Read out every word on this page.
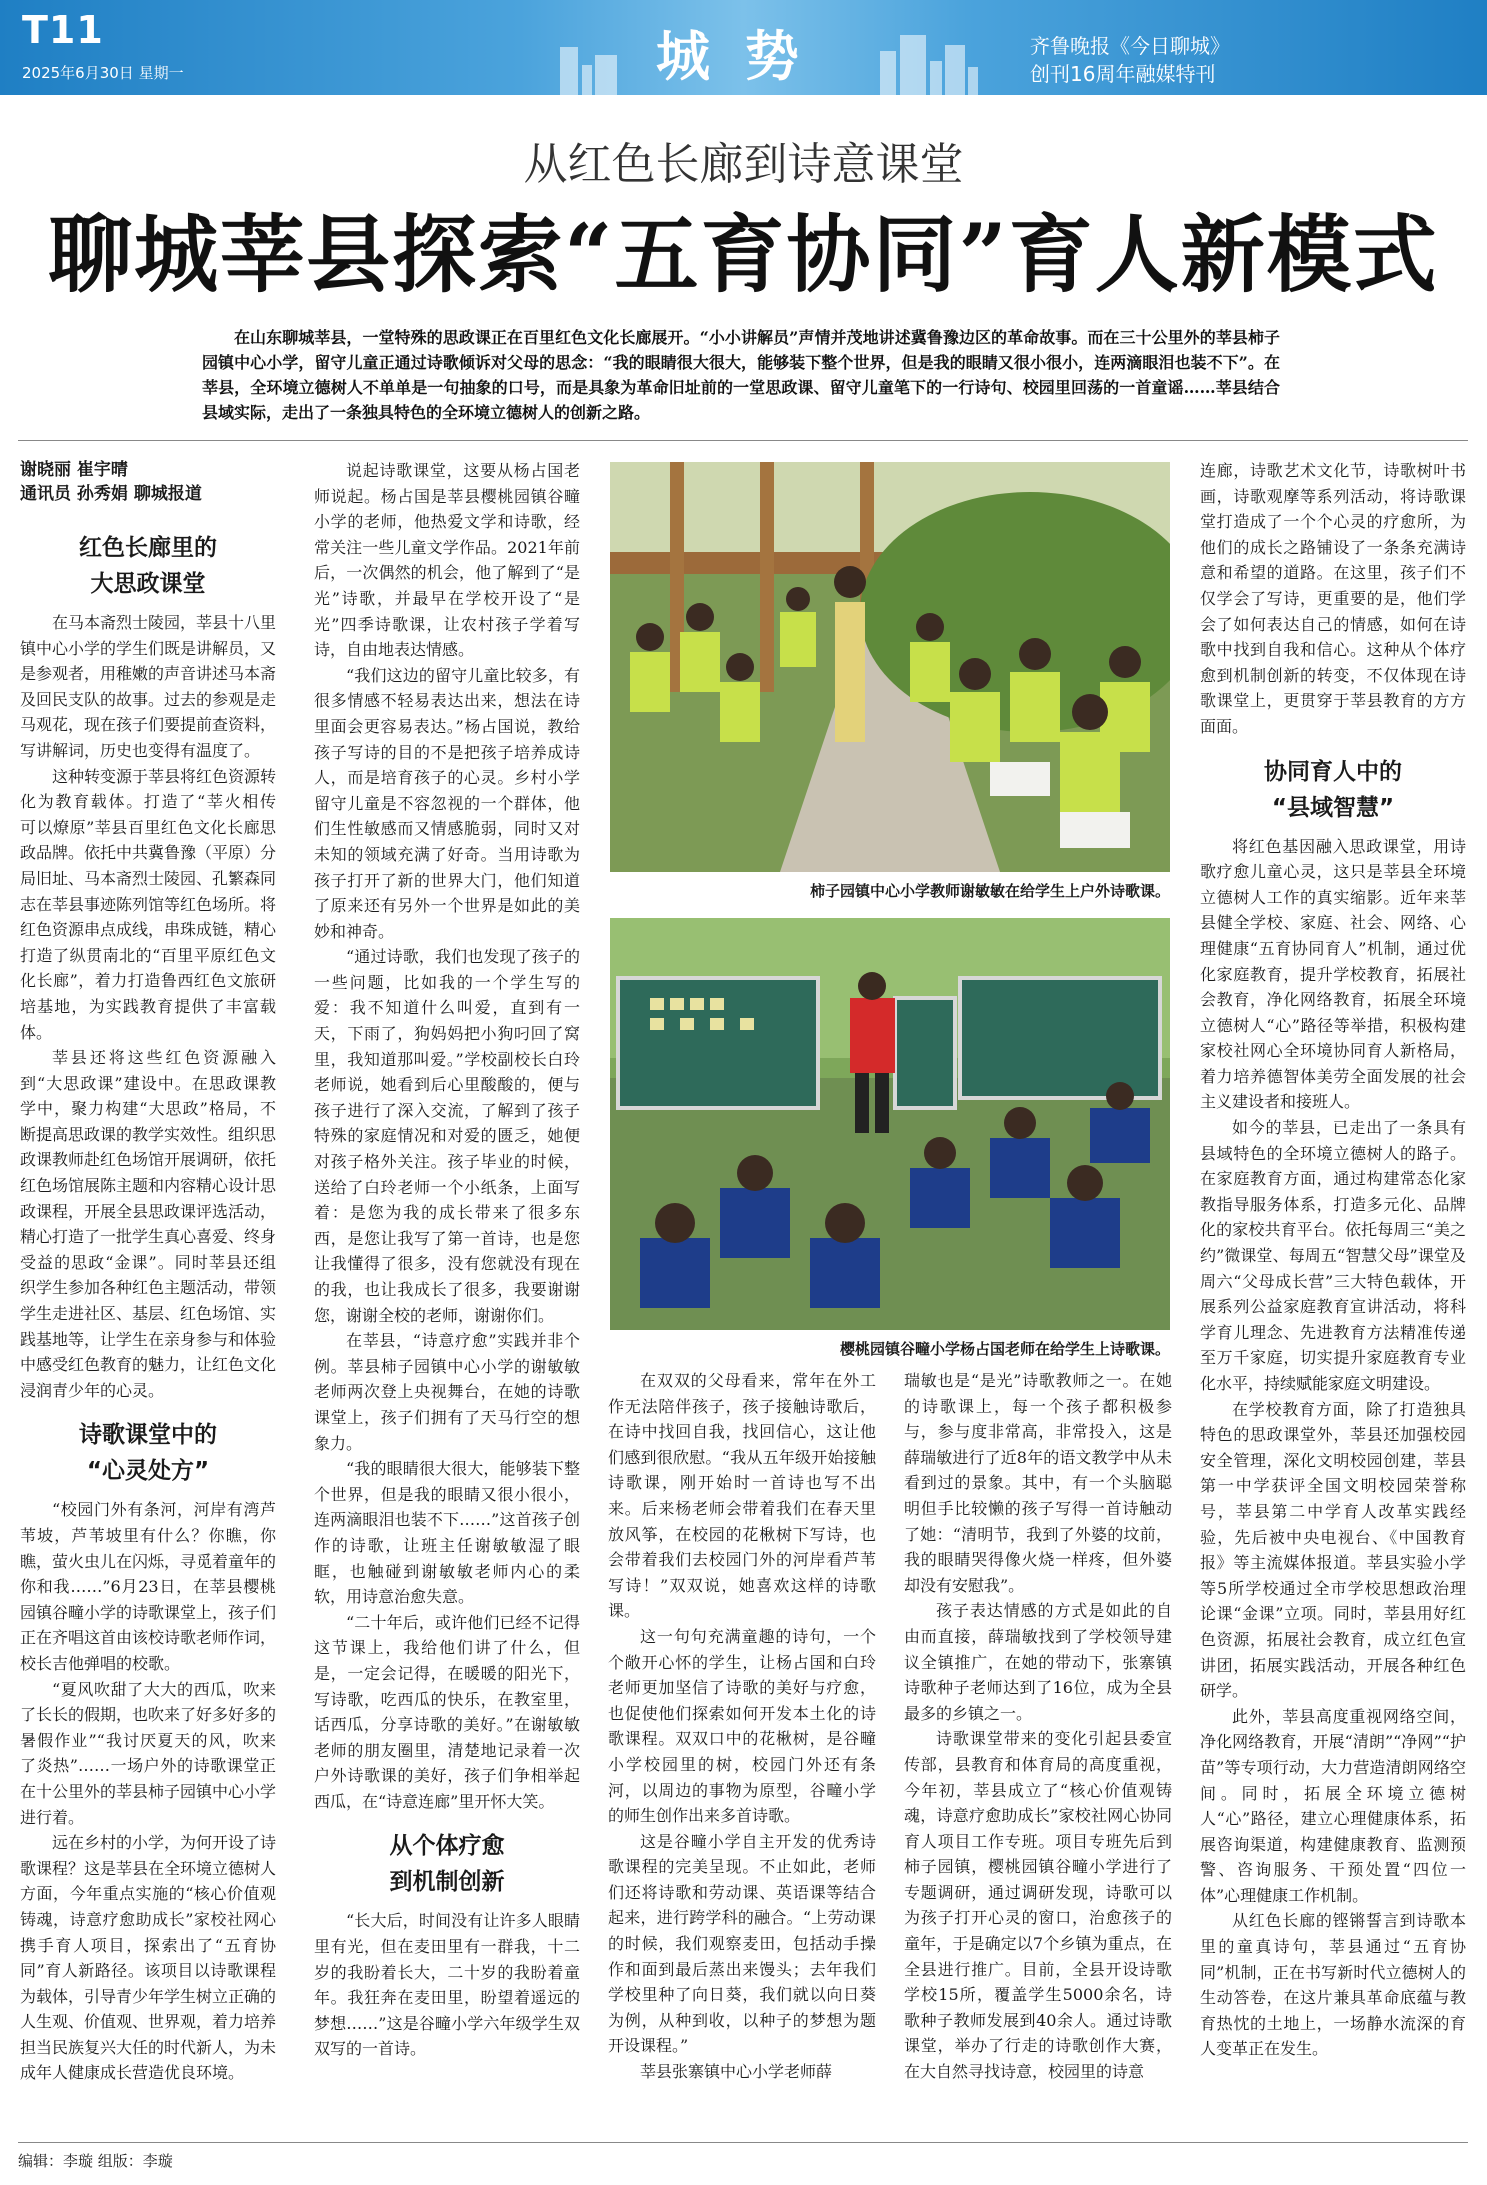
T11
2025年6月30日 星期一	城 势	齐鲁晚报《今日聊城》
创刊16周年融媒特刊
从红色长廊到诗意课堂
聊城莘县探索“五育协同”育人新模式
在山东聊城莘县，一堂特殊的思政课正在百里红色文化长廊展开。“小小讲解员”声情并茂地讲述冀鲁豫边区的革命故事。而在三十公里外的莘县柿子园镇中心小学，留守儿童正通过诗歌倾诉对父母的思念：“我的眼睛很大很大，能够装下整个世界，但是我的眼睛又很小很小，连两滴眼泪也装不下”。在莘县，全环境立德树人不单单是一句抽象的口号，而是具象为革命旧址前的一堂思政课、留守儿童笔下的一行诗句、校园里回荡的一首童谣……莘县结合县域实际，走出了一条独具特色的全环境立德树人的创新之路。
谢晓丽 崔宇晴
通讯员 孙秀娟 聊城报道
红色长廊里的
大思政课堂

在马本斋烈士陵园，莘县十八里镇中心小学的学生们既是讲解员，又是参观者，用稚嫩的声音讲述马本斋及回民支队的故事。过去的参观是走马观花，现在孩子们要提前查资料，写讲解词，历史也变得有温度了。

这种转变源于莘县将红色资源转化为教育载体。打造了“莘火相传　可以燎原”莘县百里红色文化长廊思政品牌。依托中共冀鲁豫（平原）分局旧址、马本斋烈士陵园、孔繁森同志在莘县事迹陈列馆等红色场所。将红色资源串点成线，串珠成链，精心打造了纵贯南北的“百里平原红色文化长廊”，着力打造鲁西红色文旅研培基地，为实践教育提供了丰富载体。

莘县还将这些红色资源融入到“大思政课”建设中。在思政课教学中，聚力构建“大思政”格局，不断提高思政课的教学实效性。组织思政课教师赴红色场馆开展调研，依托红色场馆展陈主题和内容精心设计思政课程，开展全县思政课评选活动，精心打造了一批学生真心喜爱、终身受益的思政“金课”。同时莘县还组织学生参加各种红色主题活动，带领学生走进社区、基层、红色场馆、实践基地等，让学生在亲身参与和体验中感受红色教育的魅力，让红色文化浸润青少年的心灵。

诗歌课堂中的
“心灵处方”

“校园门外有条河，河岸有湾芦苇坡，芦苇坡里有什么？你瞧，你瞧，萤火虫儿在闪烁，寻觅着童年的你和我……”6月23日，在莘县樱桃园镇谷疃小学的诗歌课堂上，孩子们正在齐唱这首由该校诗歌老师作词，校长吉他弹唱的校歌。

“夏风吹甜了大大的西瓜，吹来了长长的假期，也吹来了好多好多的暑假作业”“我讨厌夏天的风，吹来了炎热”……一场户外的诗歌课堂正在十公里外的莘县柿子园镇中心小学进行着。

远在乡村的小学，为何开设了诗歌课程？这是莘县在全环境立德树人方面，今年重点实施的“核心价值观铸魂，诗意疗愈助成长”家校社网心携手育人项目，探索出了“五育协同”育人新路径。该项目以诗歌课程为载体，引导青少年学生树立正确的人生观、价值观、世界观，着力培养担当民族复兴大任的时代新人，为未成年人健康成长营造优良环境。

说起诗歌课堂，这要从杨占国老师说起。杨占国是莘县樱桃园镇谷疃小学的老师，他热爱文学和诗歌，经常关注一些儿童文学作品。2021年前后，一次偶然的机会，他了解到了“是光”诗歌，并最早在学校开设了“是光”四季诗歌课，让农村孩子学着写诗，自由地表达情感。

“我们这边的留守儿童比较多，有很多情感不轻易表达出来，想法在诗里面会更容易表达。”杨占国说，教给孩子写诗的目的不是把孩子培养成诗人，而是培育孩子的心灵。乡村小学留守儿童是不容忽视的一个群体，他们生性敏感而又情感脆弱，同时又对未知的领域充满了好奇。当用诗歌为孩子打开了新的世界大门，他们知道了原来还有另外一个世界是如此的美妙和神奇。

“通过诗歌，我们也发现了孩子的一些问题，比如我的一个学生写的爱：我不知道什么叫爱，直到有一天，下雨了，狗妈妈把小狗叼回了窝里，我知道那叫爱。”学校副校长白玲老师说，她看到后心里酸酸的，便与孩子进行了深入交流，了解到了孩子特殊的家庭情况和对爱的匮乏，她便对孩子格外关注。孩子毕业的时候，送给了白玲老师一个小纸条，上面写着：是您为我的成长带来了很多东西，是您让我写了第一首诗，也是您让我懂得了很多，没有您就没有现在的我，也让我成长了很多，我要谢谢您，谢谢全校的老师，谢谢你们。

在莘县，“诗意疗愈”实践并非个例。莘县柿子园镇中心小学的谢敏敏老师两次登上央视舞台，在她的诗歌课堂上，孩子们拥有了天马行空的想象力。

“我的眼睛很大很大，能够装下整个世界，但是我的眼睛又很小很小，连两滴眼泪也装不下……”这首孩子创作的诗歌，让班主任谢敏敏湿了眼眶，也触碰到谢敏敏老师内心的柔软，用诗意治愈失意。

“二十年后，或许他们已经不记得这节课上，我给他们讲了什么，但是，一定会记得，在暖暖的阳光下，写诗歌，吃西瓜的快乐，在教室里，话西瓜，分享诗歌的美好。”在谢敏敏老师的朋友圈里，清楚地记录着一次户外诗歌课的美好，孩子们争相举起西瓜，在“诗意连廊”里开怀大笑。

从个体疗愈
到机制创新

“长大后，时间没有让许多人眼睛里有光，但在麦田里有一群我，十二岁的我盼着长大，二十岁的我盼着童年。我狂奔在麦田里，盼望着遥远的梦想……”这是谷疃小学六年级学生双双写的一首诗。

柿子园镇中心小学教师谢敏敏在给学生上户外诗歌课。
樱桃园镇谷疃小学杨占国老师在给学生上诗歌课。

在双双的父母看来，常年在外工作无法陪伴孩子，孩子接触诗歌后，在诗中找回自我，找回信心，这让他们感到很欣慰。“我从五年级开始接触诗歌课，刚开始时一首诗也写不出来。后来杨老师会带着我们在春天里放风筝，在校园的花楸树下写诗，也会带着我们去校园门外的河岸看芦苇写诗！”双双说，她喜欢这样的诗歌课。

这一句句充满童趣的诗句，一个个敞开心怀的学生，让杨占国和白玲老师更加坚信了诗歌的美好与疗愈，也促使他们探索如何开发本土化的诗歌课程。双双口中的花楸树，是谷疃小学校园里的树，校园门外还有条河，以周边的事物为原型，谷疃小学的师生创作出来多首诗歌。

这是谷疃小学自主开发的优秀诗歌课程的完美呈现。不止如此，老师们还将诗歌和劳动课、英语课等结合起来，进行跨学科的融合。“上劳动课的时候，我们观察麦田，包括动手操作和面到最后蒸出来馒头；去年我们学校里种了向日葵，我们就以向日葵为例，从种到收，以种子的梦想为题开设课程。”

莘县张寨镇中心小学老师薛

瑞敏也是“是光”诗歌教师之一。在她的诗歌课上，每一个孩子都积极参与，参与度非常高，非常投入，这是薛瑞敏进行了近8年的语文教学中从未看到过的景象。其中，有一个头脑聪明但手比较懒的孩子写得一首诗触动了她：“清明节，我到了外婆的坟前，我的眼睛哭得像火烧一样疼，但外婆却没有安慰我”。

孩子表达情感的方式是如此的自由而直接，薛瑞敏找到了学校领导建议全镇推广，在她的带动下，张寨镇诗歌种子老师达到了16位，成为全县最多的乡镇之一。

诗歌课堂带来的变化引起县委宣传部，县教育和体育局的高度重视，今年初，莘县成立了“核心价值观铸魂，诗意疗愈助成长”家校社网心协同育人项目工作专班。项目专班先后到柿子园镇，樱桃园镇谷疃小学进行了专题调研，通过调研发现，诗歌可以为孩子打开心灵的窗口，治愈孩子的童年，于是确定以7个乡镇为重点，在全县进行推广。目前，全县开设诗歌学校15所，覆盖学生5000余名，诗歌种子教师发展到40余人。通过诗歌课堂，举办了行走的诗歌创作大赛，在大自然寻找诗意，校园里的诗意

连廊，诗歌艺术文化节，诗歌树叶书画，诗歌观摩等系列活动，将诗歌课堂打造成了一个个心灵的疗愈所，为他们的成长之路铺设了一条条充满诗意和希望的道路。在这里，孩子们不仅学会了写诗，更重要的是，他们学会了如何表达自己的情感，如何在诗歌中找到自我和信心。这种从个体疗愈到机制创新的转变，不仅体现在诗歌课堂上，更贯穿于莘县教育的方方面面。

协同育人中的
“县域智慧”

将红色基因融入思政课堂，用诗歌疗愈儿童心灵，这只是莘县全环境立德树人工作的真实缩影。近年来莘县健全学校、家庭、社会、网络、心理健康“五育协同育人”机制，通过优化家庭教育，提升学校教育，拓展社会教育，净化网络教育，拓展全环境立德树人“心”路径等举措，积极构建家校社网心全环境协同育人新格局，着力培养德智体美劳全面发展的社会主义建设者和接班人。

如今的莘县，已走出了一条具有县域特色的全环境立德树人的路子。在家庭教育方面，通过构建常态化家教指导服务体系，打造多元化、品牌化的家校共育平台。依托每周三“美之约”微课堂、每周五“智慧父母”课堂及周六“父母成长营”三大特色载体，开展系列公益家庭教育宣讲活动，将科学育儿理念、先进教育方法精准传递至万千家庭，切实提升家庭教育专业化水平，持续赋能家庭文明建设。

在学校教育方面，除了打造独具特色的思政课堂外，莘县还加强校园安全管理，深化文明校园创建，莘县第一中学获评全国文明校园荣誉称号，莘县第二中学育人改革实践经验，先后被中央电视台、《中国教育报》等主流媒体报道。莘县实验小学等5所学校通过全市学校思想政治理论课“金课”立项。同时，莘县用好红色资源，拓展社会教育，成立红色宣讲团，拓展实践活动，开展各种红色研学。

此外，莘县高度重视网络空间，净化网络教育，开展“清朗”“净网”“护苗”等专项行动，大力营造清朗网络空间。同时，拓展全环境立德树人“心”路径，建立心理健康体系，拓展咨询渠道，构建健康教育、监测预警、咨询服务、干预处置“四位一体”心理健康工作机制。

从红色长廊的铿锵誓言到诗歌本里的童真诗句，莘县通过“五育协同”机制，正在书写新时代立德树人的生动答卷，在这片兼具革命底蕴与教育热忱的土地上，一场静水流深的育人变革正在发生。

编辑：李璇 组版：李璇
